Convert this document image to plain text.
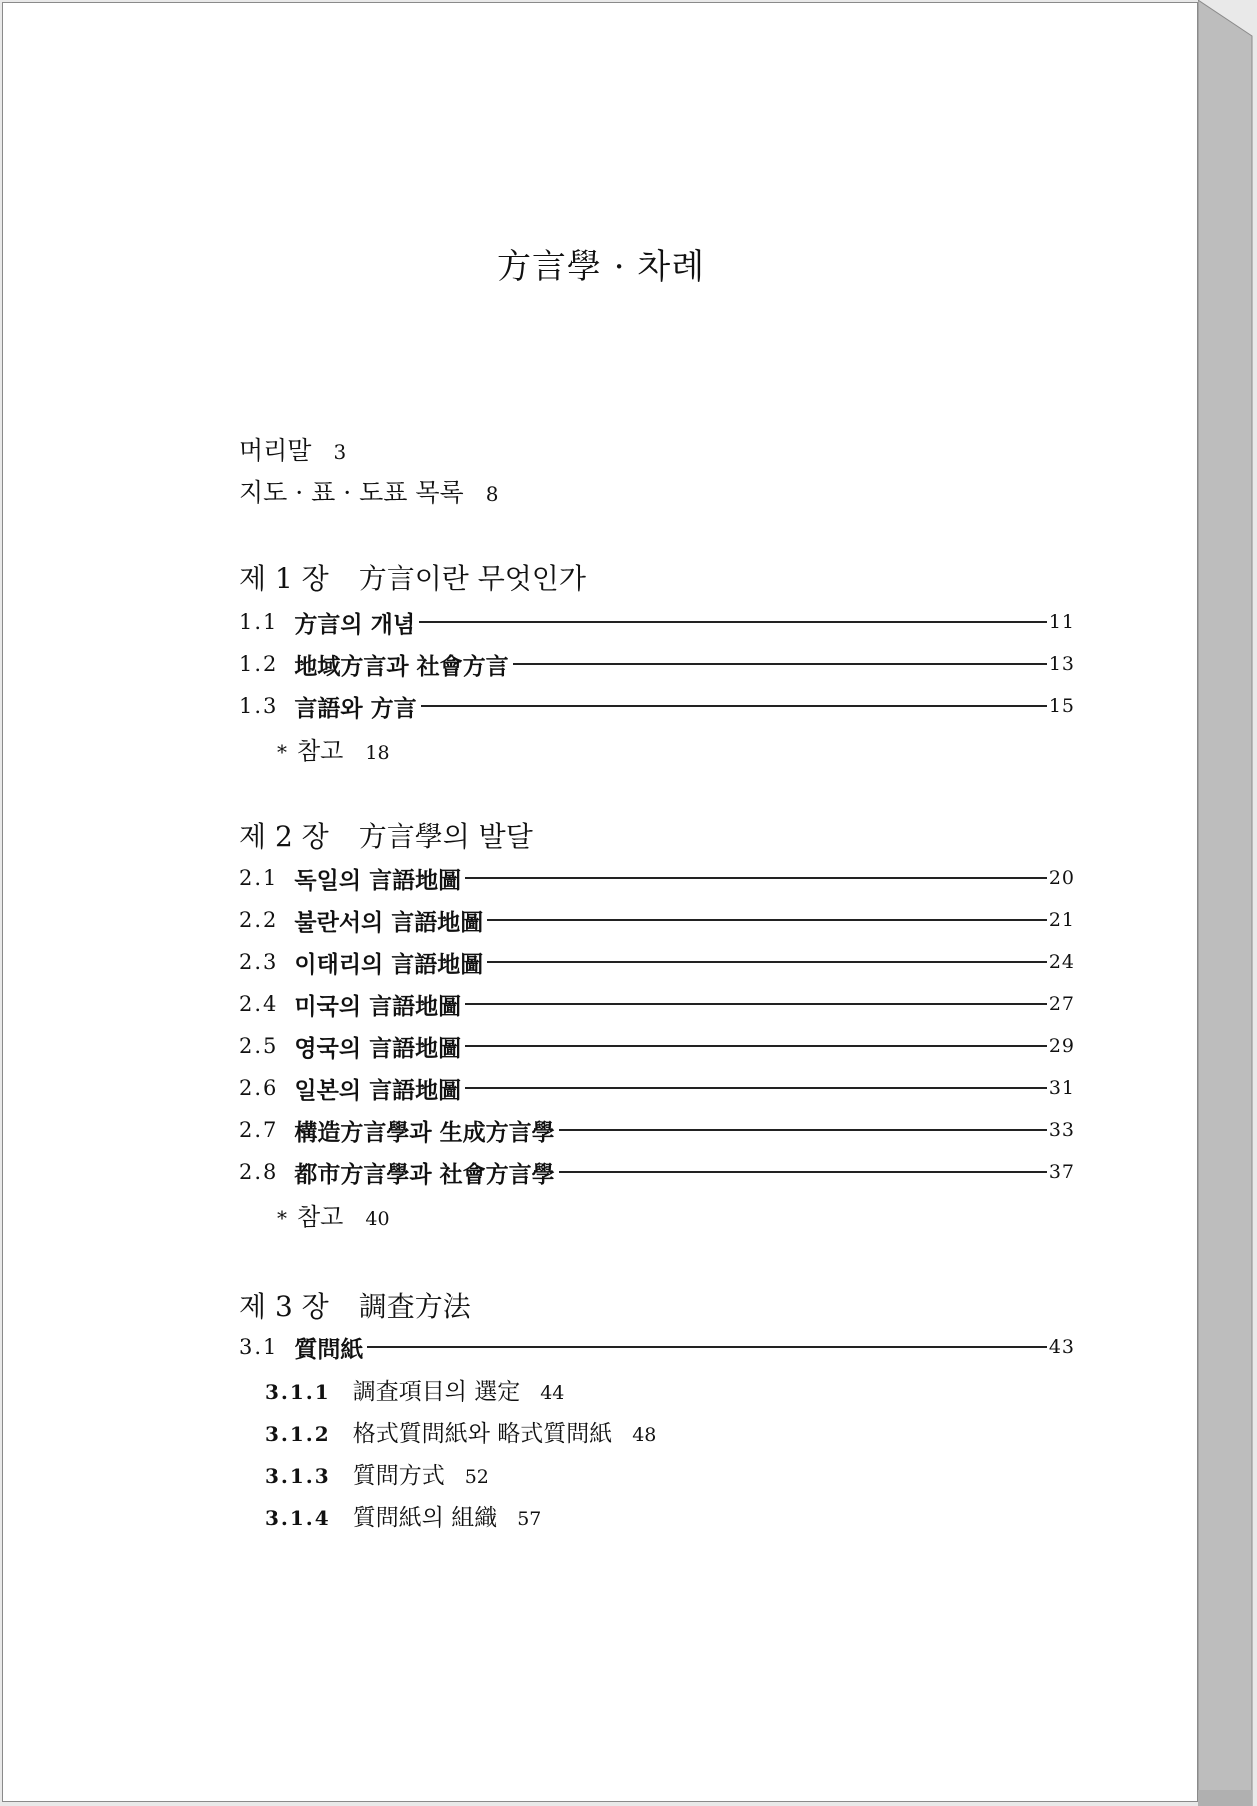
方言學 · 차례
머리말 3
지도 · 표 · 도표 목록 8
제 1 장 方言이란 무엇인가
1.1 方言의 개념	11
1.2 地域方言과 社會方言	13
1.3 言語와 方言	15
* 참고 18
제 2 장 方言學의 발달
2.1 독일의 言語地圖	20
2.2 불란서의 言語地圖	21
2.3 이태리의 言語地圖	24
2.4 미국의 言語地圖	27
2.5 영국의 言語地圖	29
2.6 일본의 言語地圖	31
2.7 構造方言學과 生成方言學	33
2.8 都市方言學과 社會方言學	37
* 참고 40
제 3 장 調査方法
3.1 質問紙	43
3.1.1 調査項目의 選定 44
3.1.2 格式質問紙와 略式質問紙 48
3.1.3 質問方式 52
3.1.4 質問紙의 組織 57
